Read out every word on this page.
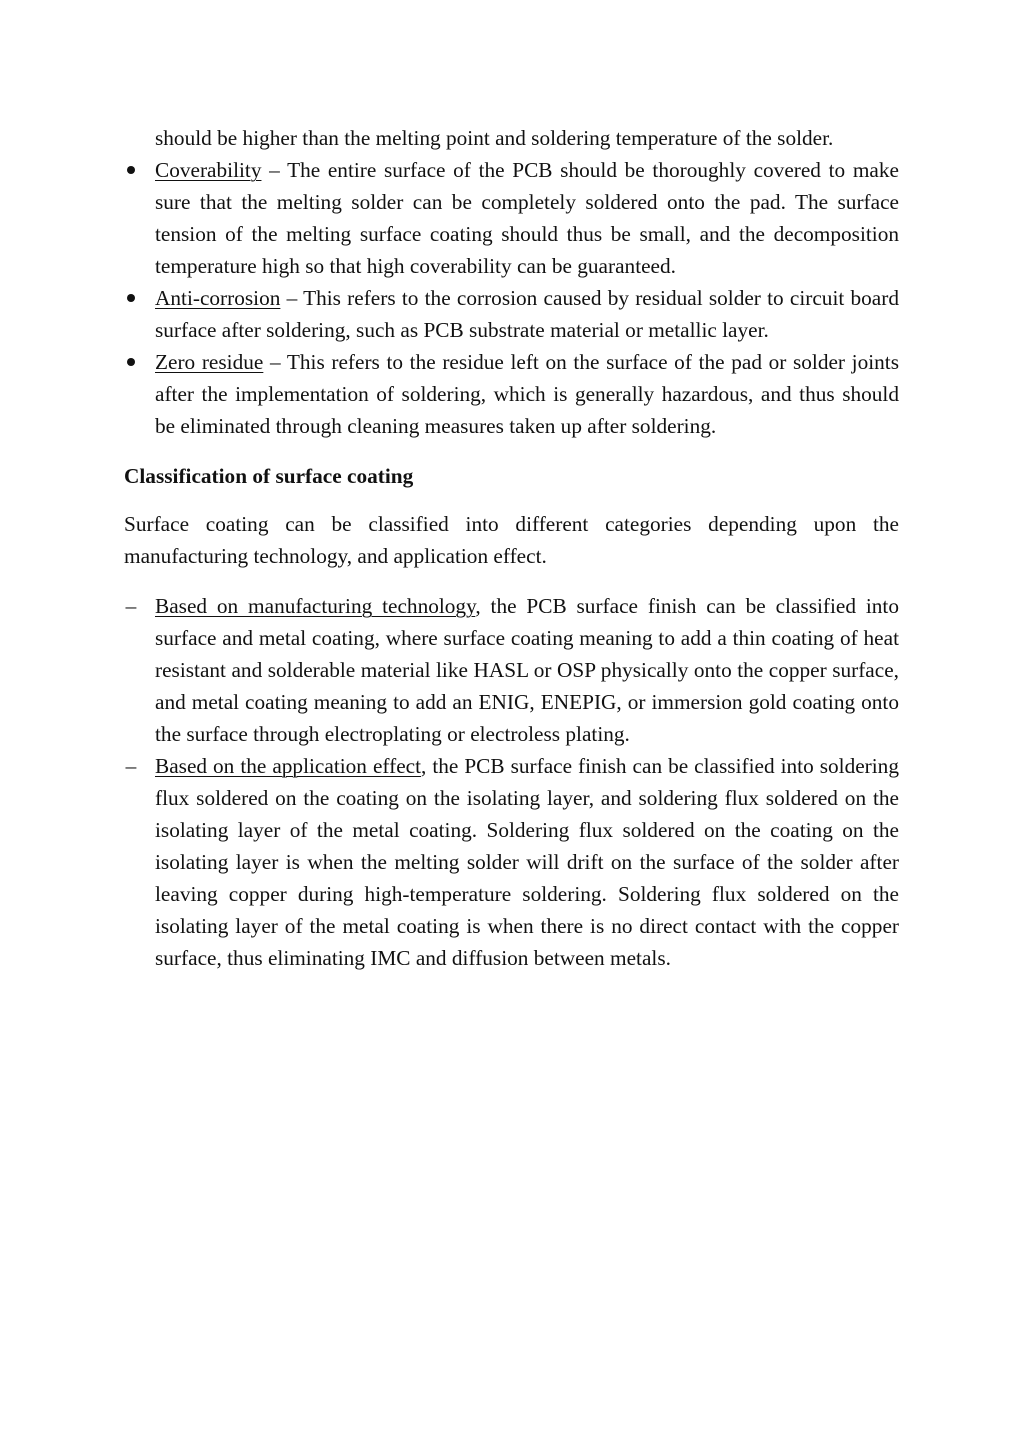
should be higher than the melting point and soldering temperature of the solder.

Coverability – The entire surface of the PCB should be thoroughly covered to make sure that the melting solder can be completely soldered onto the pad. The surface tension of the melting surface coating should thus be small, and the decomposition temperature high so that high coverability can be guaranteed.
Anti-corrosion – This refers to the corrosion caused by residual solder to circuit board surface after soldering, such as PCB substrate material or metallic layer.
Zero residue – This refers to the residue left on the surface of the pad or solder joints after the implementation of soldering, which is generally hazardous, and thus should be eliminated through cleaning measures taken up after soldering.
Classification of surface coating

Surface coating can be classified into different categories depending upon the manufacturing technology, and application effect.

– Based on manufacturing technology, the PCB surface finish can be classified into surface and metal coating, where surface coating meaning to add a thin coating of heat resistant and solderable material like HASL or OSP physically onto the copper surface, and metal coating meaning to add an ENIG, ENEPIG, or immersion gold coating onto the surface through electroplating or electroless plating.
– Based on the application effect, the PCB surface finish can be classified into soldering flux soldered on the coating on the isolating layer, and soldering flux soldered on the isolating layer of the metal coating. Soldering flux soldered on the coating on the isolating layer is when the melting solder will drift on the surface of the solder after leaving copper during high-temperature soldering. Soldering flux soldered on the isolating layer of the metal coating is when there is no direct contact with the copper surface, thus eliminating IMC and diffusion between metals.
